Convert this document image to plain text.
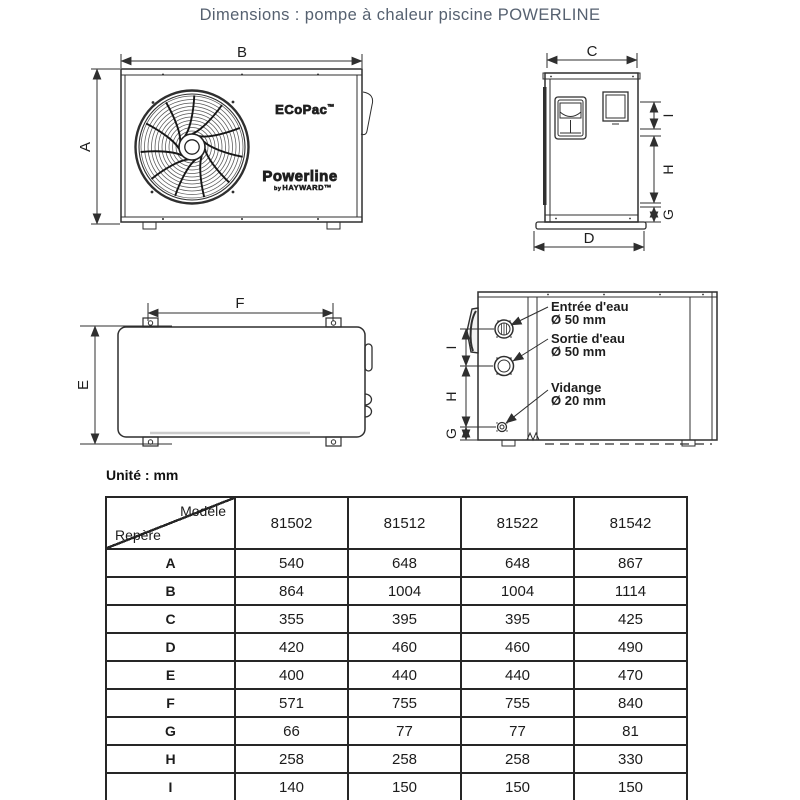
Dimensions : pompe à chaleur piscine POWERLINE
B
A
ECoPac™
Powerline
byHAYWARD™
C
D
I
H
G
F
E
I
H
G
Entrée d'eau
Ø 50 mm
Sortie d'eau
Ø 50 mm
Vidange
Ø 20 mm
Unité : mm
Modèle
Repère	81502	81512	81522	81542
A	540	648	648	867
B	864	1004	1004	1114
C	355	395	395	425
D	420	460	460	490
E	400	440	440	470
F	571	755	755	840
G	66	77	77	81
H	258	258	258	330
I	140	150	150	150
